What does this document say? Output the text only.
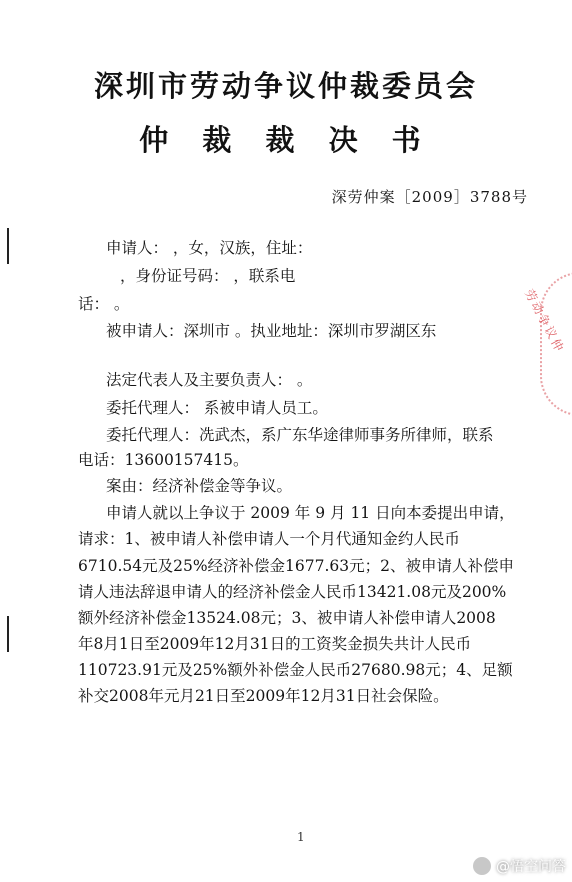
深圳市劳动争议仲裁委员会
仲 裁 裁 决 书
深劳仲案［2009］3788号
申请人： ，女，汉族，住址：
，身份证号码： ，联系电
话： 。
被申请人：深圳市 。执业地址：深圳市罗湖区东
法定代表人及主要负责人： 。
委托代理人： 系被申请人员工。
委托代理人：冼武杰，系广东华途律师事务所律师，联系
电话：13600157415。
案由：经济补偿金等争议。
申请人就以上争议于 2009 年 9 月 11 日向本委提出申请，
请求：1、被申请人补偿申请人一个月代通知金约人民币
6710.54元及25%经济补偿金1677.63元；2、被申请人补偿申
请人违法辞退申请人的经济补偿金人民币13421.08元及200%
额外经济补偿金13524.08元；3、被申请人补偿申请人2008
年8月1日至2009年12月31日的工资奖金损失共计人民币
110723.91元及25%额外补偿金人民币27680.98元；4、足额
补交2008年元月21日至2009年12月31日社会保险。
劳动争议仲
1
@悟空问答
